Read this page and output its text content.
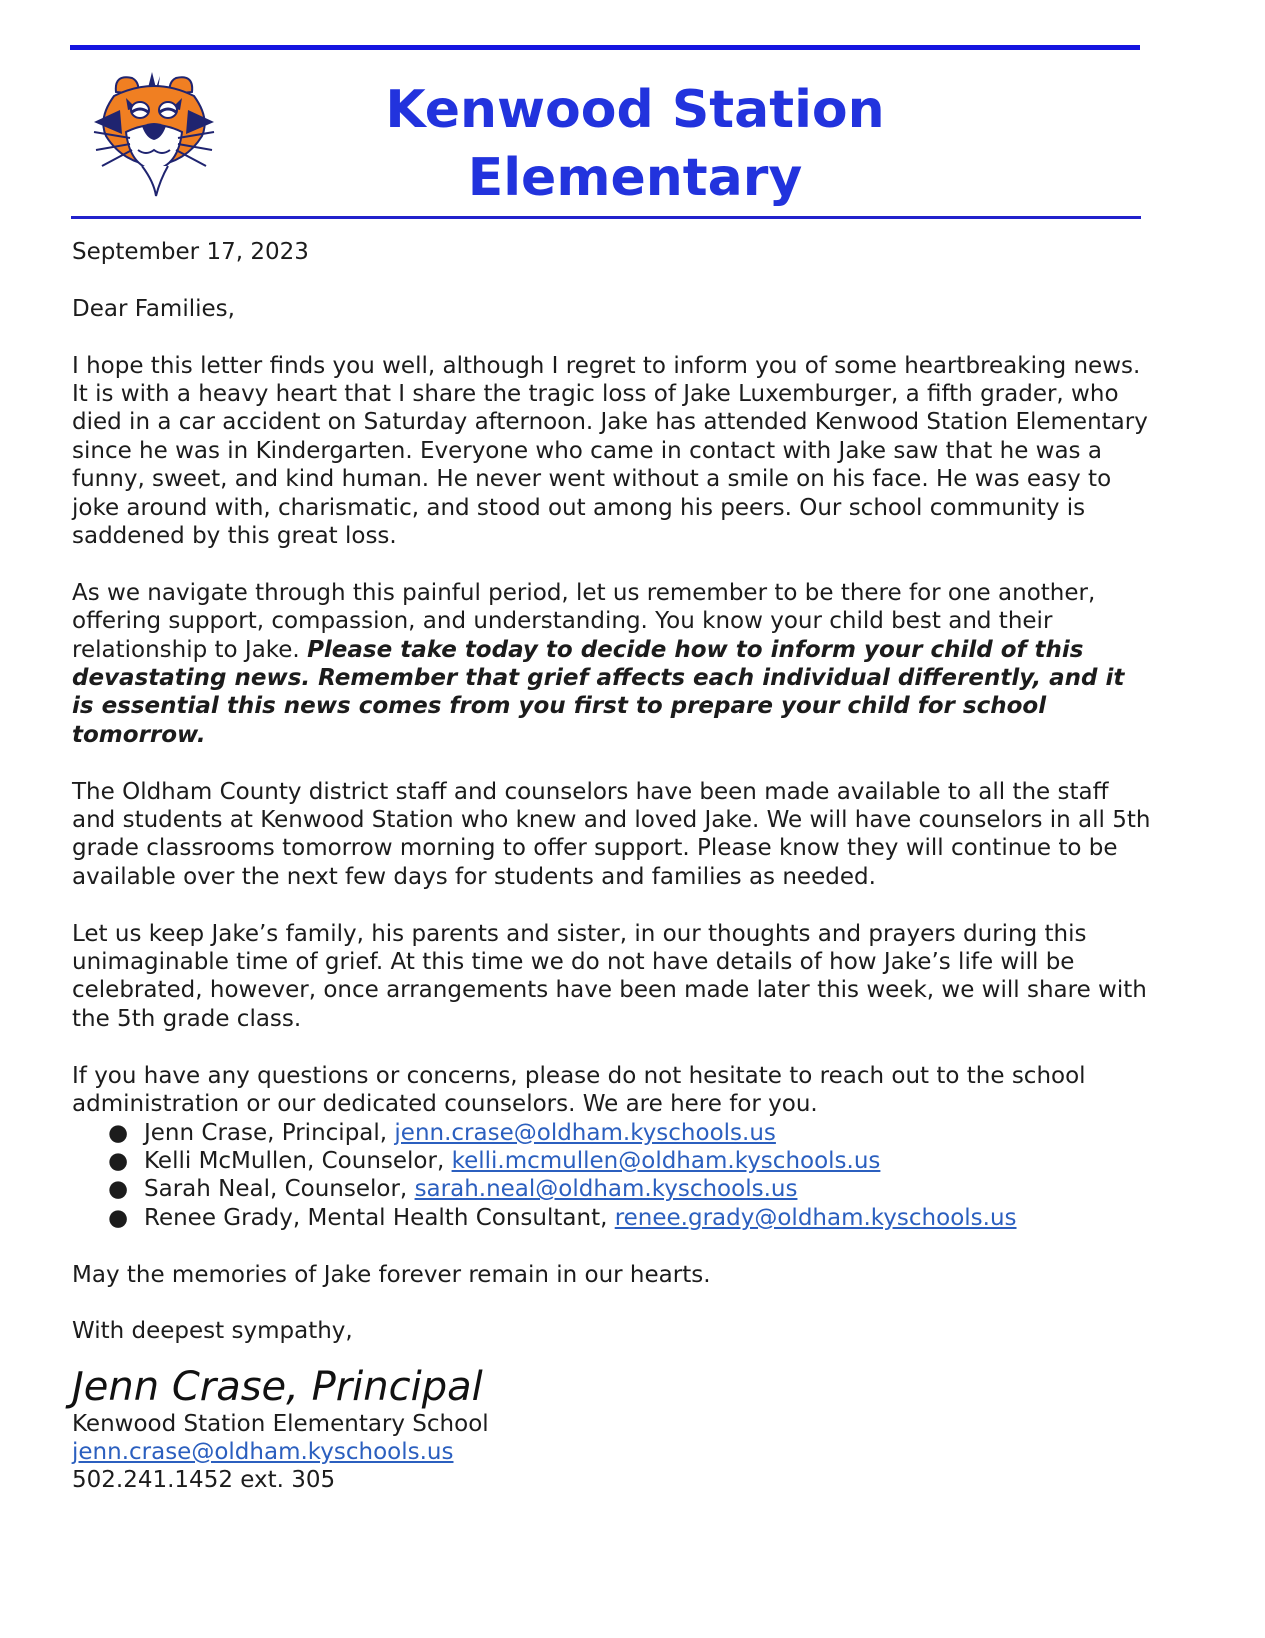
Kenwood Station
Elementary

September 17, 2023

Dear Families,

I hope this letter finds you well, although I regret to inform you of some heartbreaking news. It is with a heavy heart that I share the tragic loss of Jake Luxemburger, a fifth grader, who died in a car accident on Saturday afternoon. Jake has attended Kenwood Station Elementary since he was in Kindergarten. Everyone who came in contact with Jake saw that he was a funny, sweet, and kind human. He never went without a smile on his face. He was easy to joke around with, charismatic, and stood out among his peers. Our school community is saddened by this great loss.

As we navigate through this painful period, let us remember to be there for one another, offering support, compassion, and understanding. You know your child best and their relationship to Jake. Please take today to decide how to inform your child of this devastating news. Remember that grief affects each individual differently, and it is essential this news comes from you first to prepare your child for school tomorrow.

The Oldham County district staff and counselors have been made available to all the staff and students at Kenwood Station who knew and loved Jake. We will have counselors in all 5th grade classrooms tomorrow morning to offer support. Please know they will continue to be available over the next few days for students and families as needed.

Let us keep Jake’s family, his parents and sister, in our thoughts and prayers during this unimaginable time of grief. At this time we do not have details of how Jake’s life will be celebrated, however, once arrangements have been made later this week, we will share with the 5th grade class.

If you have any questions or concerns, please do not hesitate to reach out to the school administration or our dedicated counselors. We are here for you.

● Jenn Crase, Principal, jenn.crase@oldham.kyschools.us
● Kelli McMullen, Counselor, kelli.mcmullen@oldham.kyschools.us
● Sarah Neal, Counselor, sarah.neal@oldham.kyschools.us
● Renee Grady, Mental Health Consultant, renee.grady@oldham.kyschools.us

May the memories of Jake forever remain in our hearts.

With deepest sympathy,

Jenn Crase, Principal
Kenwood Station Elementary School
jenn.crase@oldham.kyschools.us
502.241.1452 ext. 305
